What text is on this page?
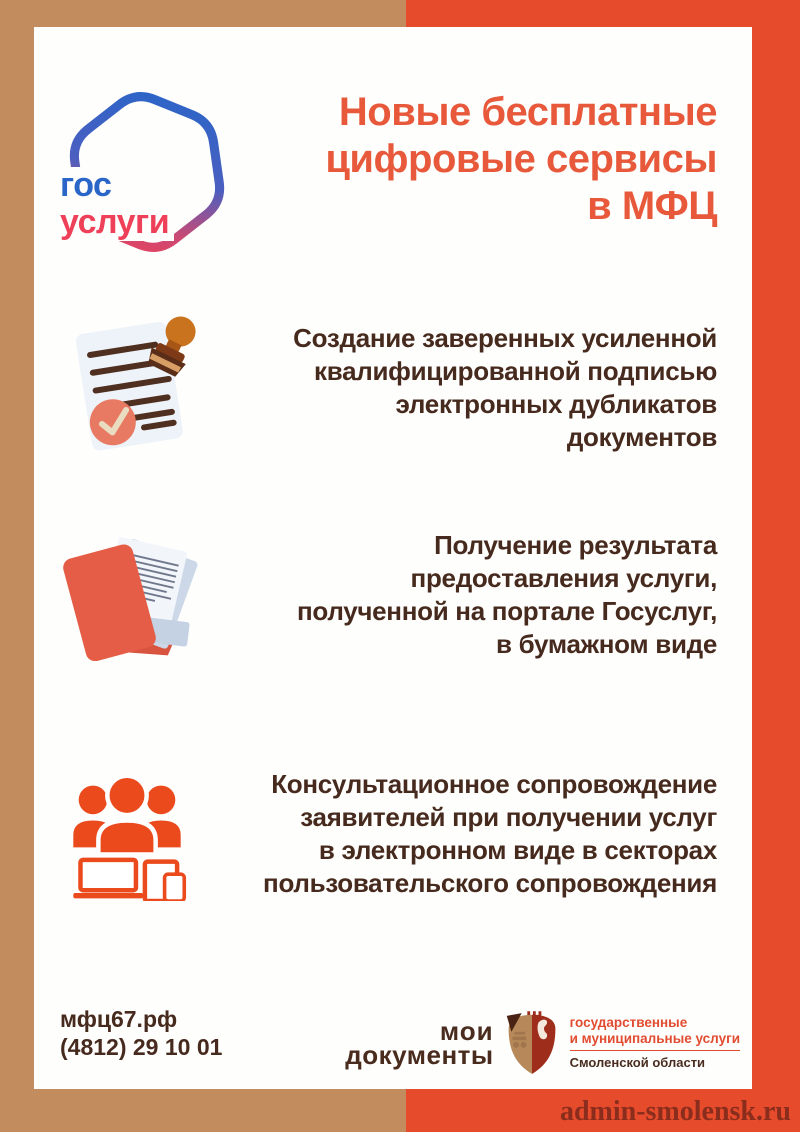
гос
услуги
Новые бесплатные
цифровые сервисы
в МФЦ
Создание заверенных усиленной
квалифицированной подписью
электронных дубликатов
документов
Получение результата
предоставления услуги,
полученной на портале Госуслуг,
в бумажном виде
Консультационное сопровождение
заявителей при получении услуг
в электронном виде в секторах
пользовательского сопровождения
мфц67.рф
(4812) 29 10 01
мои
документы
государственные
и муниципальные услуги
Смоленской области
admin-smolensk.ru
